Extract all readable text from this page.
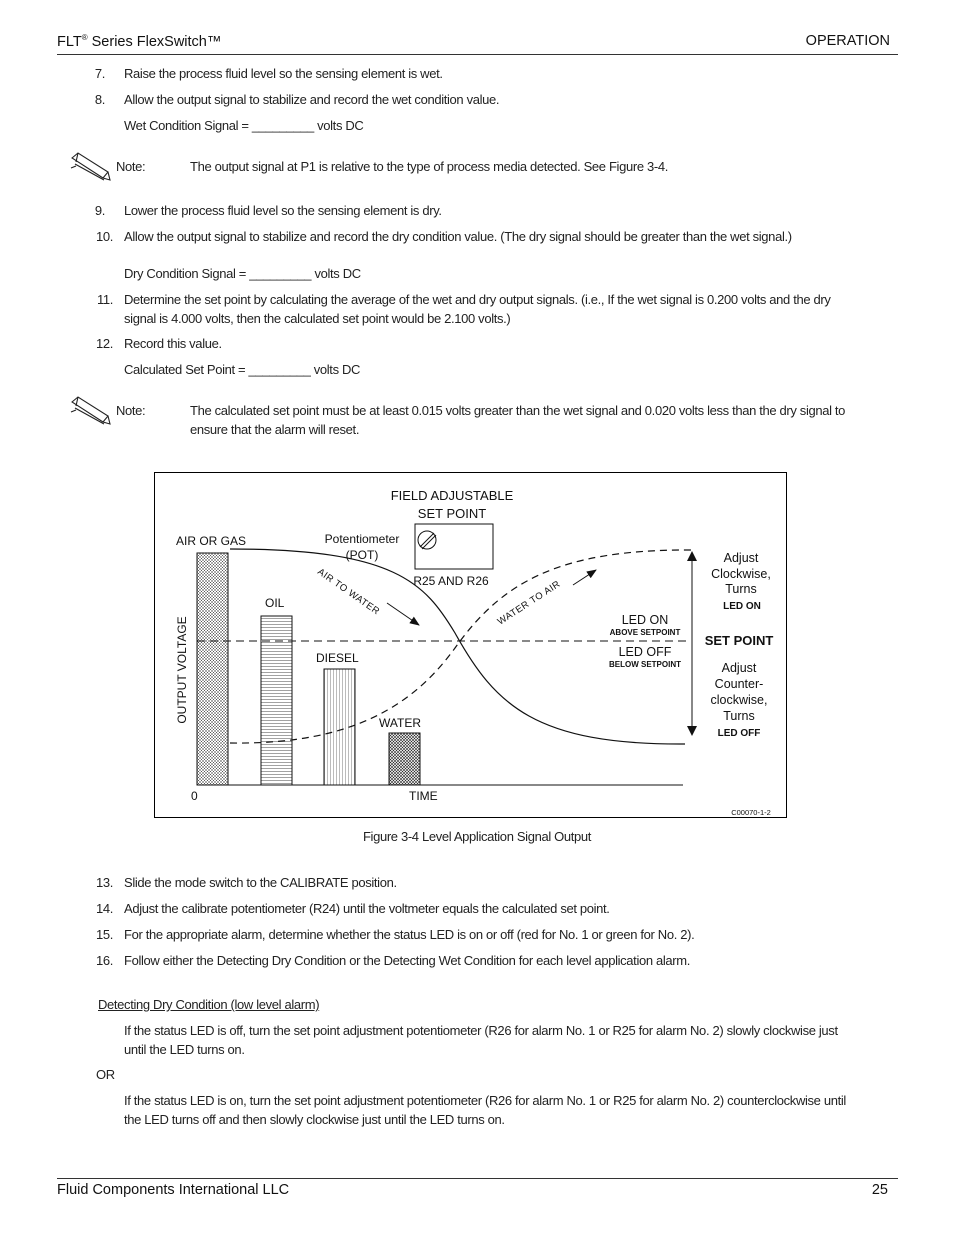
FLT® Series FlexSwitch™	OPERATION
7. Raise the process fluid level so the sensing element is wet.
8. Allow the output signal to stabilize and record the wet condition value.
Wet Condition Signal = _________ volts DC
Note:	The output signal at P1 is relative to the type of process media detected. See Figure 3-4.
9. Lower the process fluid level so the sensing element is dry.
10. Allow the output signal to stabilize and record the dry condition value. (The dry signal should be greater than the wet signal.)
Dry Condition Signal = _________ volts DC
11. Determine the set point by calculating the average of the wet and dry output signals. (i.e., If the wet signal is 0.200 volts and the dry
signal is 4.000 volts, then the calculated set point would be 2.100 volts.)
12. Record this value.
Calculated Set Point = _________ volts DC
Note:	The calculated set point must be at least 0.015 volts greater than the wet signal and 0.020 volts less than the dry signal to
ensure that the alarm will reset.
AIR TO WATER	WATER TO AIR
FIELD ADJUSTABLE
SET POINT
Potentiometer
(POT)
R25 AND R26
AIR OR GAS
OIL
DIESEL
WATER
OUTPUT VOLTAGE
0	TIME
LED ON
ABOVE SETPOINT
LED OFF
BELOW SETPOINT
SET POINT
Adjust
Clockwise,
Turns
LED ON
Adjust
Counter-
clockwise,
Turns
LED OFF
C00070-1-2
Figure 3-4 Level Application Signal Output
13. Slide the mode switch to the CALIBRATE position.
14. Adjust the calibrate potentiometer (R24) until the voltmeter equals the calculated set point.
15. For the appropriate alarm, determine whether the status LED is on or off (red for No. 1 or green for No. 2).
16. Follow either the Detecting Dry Condition or the Detecting Wet Condition for each level application alarm.
Detecting Dry Condition (low level alarm)
If the status LED is off, turn the set point adjustment potentiometer (R26 for alarm No. 1 or R25 for alarm No. 2) slowly clockwise just
until the LED turns on.
OR
If the status LED is on, turn the set point adjustment potentiometer (R26 for alarm No. 1 or R25 for alarm No. 2) counterclockwise until
the LED turns off and then slowly clockwise just until the LED turns on.
Fluid Components International LLC	25
